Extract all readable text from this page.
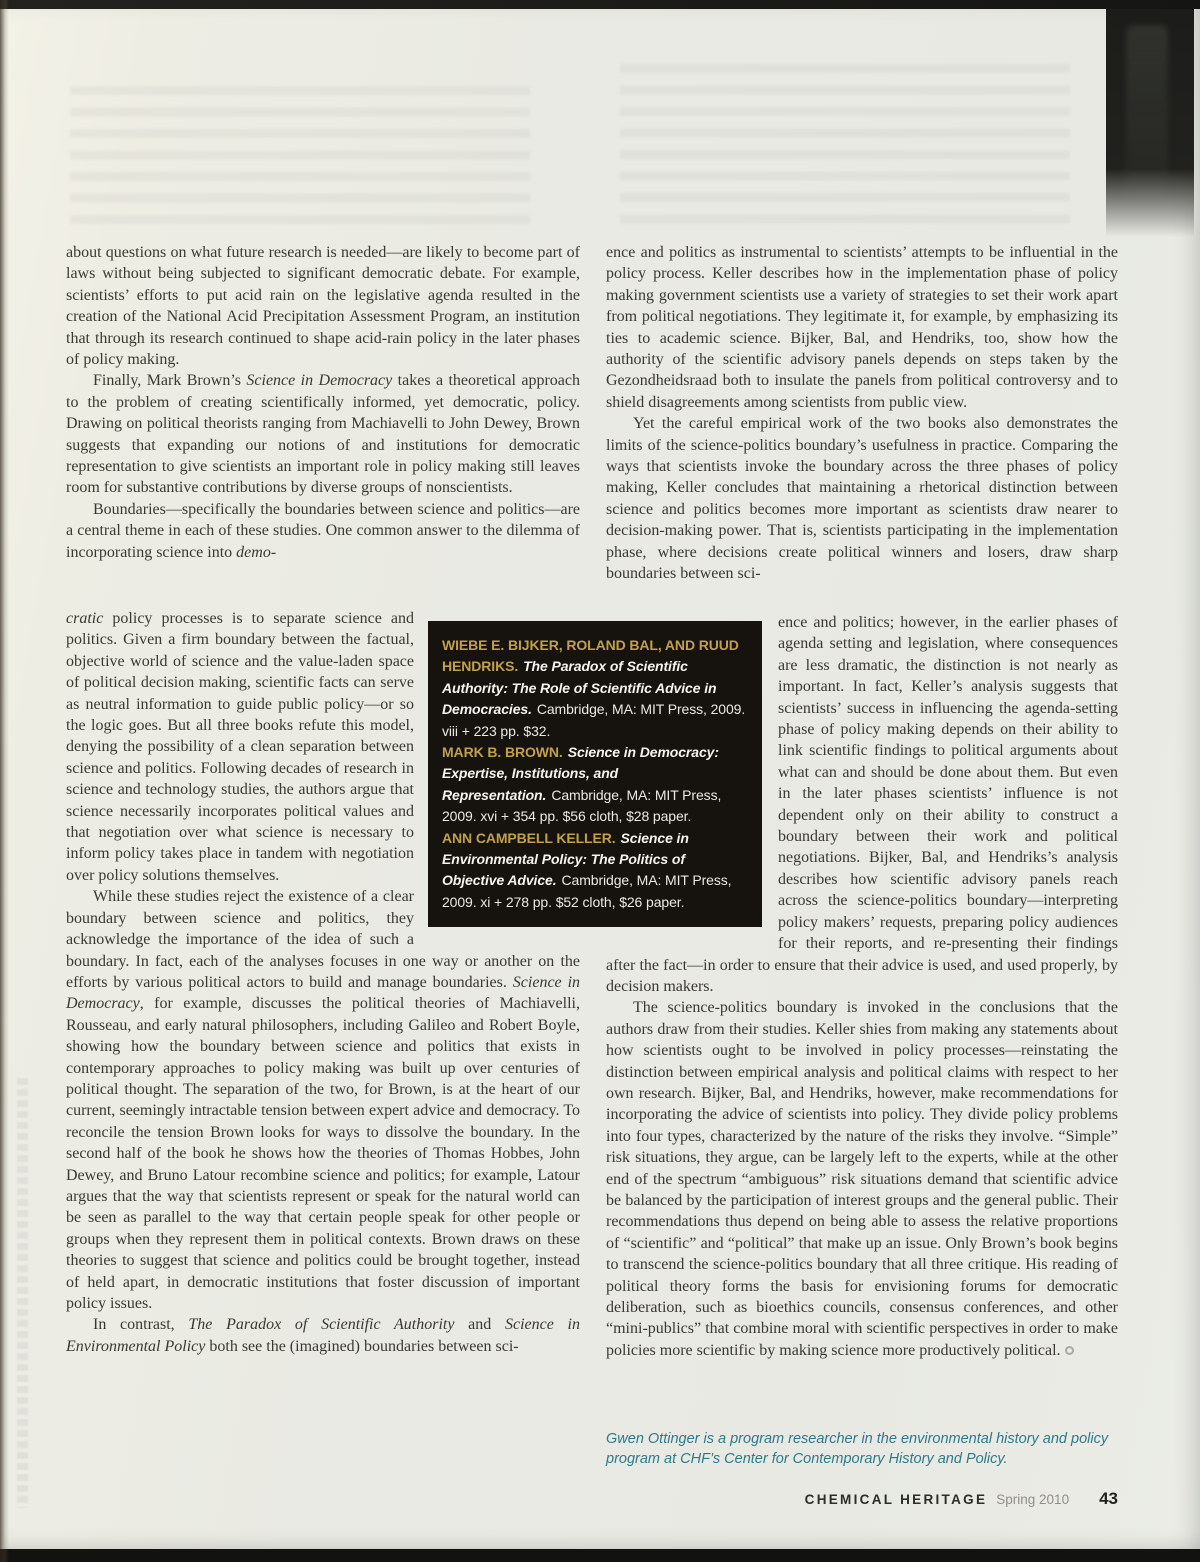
about questions on what future research is needed—are likely to become part of laws without being subjected to significant democratic debate. For example, scientists’ efforts to put acid rain on the legislative agenda resulted in the creation of the National Acid Precipitation Assessment Program, an institution that through its research continued to shape acid-rain policy in the later phases of policy making.

Finally, Mark Brown’s Science in Democracy takes a theoretical approach to the problem of creating scientifically informed, yet democratic, policy. Drawing on political theorists ranging from Machiavelli to John Dewey, Brown suggests that expanding our notions of and institutions for democratic representation to give scientists an important role in policy making still leaves room for substantive contributions by diverse groups of nonscientists.

Boundaries—specifically the boundaries between science and politics—are a central theme in each of these studies. One common answer to the dilemma of incorporating science into demo-

cratic policy processes is to separate science and politics. Given a firm boundary between the factual, objective world of science and the value-laden space of political decision making, scientific facts can serve as neutral information to guide public policy—or so the logic goes. But all three books refute this model, denying the possibility of a clean separation between science and politics. Following decades of research in science and technology studies, the authors argue that science necessarily incorporates political values and that negotiation over what science is necessary to inform policy takes place in tandem with negotiation over policy solutions themselves.

While these studies reject the existence of a clear boundary between science and politics, they acknowledge the importance of the idea of such a boundary. In fact, each of the analyses focuses in one way or another on the efforts by various political actors to build and manage boundaries. Science in Democracy, for example, discusses the political theories of Machiavelli, Rousseau, and early natural philosophers, including Galileo and Robert Boyle, showing how the boundary between science and politics that exists in contemporary approaches to policy making was built up over centuries of political thought. The separation of the two, for Brown, is at the heart of our current, seemingly intractable tension between expert advice and democracy. To reconcile the tension Brown looks for ways to dissolve the boundary. In the second half of the book he shows how the theories of Thomas Hobbes, John Dewey, and Bruno Latour recombine science and politics; for example, Latour argues that the way that scientists represent or speak for the natural world can be seen as parallel to the way that certain people speak for other people or groups when they represent them in political contexts. Brown draws on these theories to suggest that science and politics could be brought together, instead of held apart, in democratic institutions that foster discussion of important policy issues.

In contrast, The Paradox of Scientific Authority and Science in Environmental Policy both see the (imagined) boundaries between sci-

ence and politics as instrumental to scientists’ attempts to be influential in the policy process. Keller describes how in the implementation phase of policy making government scientists use a variety of strategies to set their work apart from political negotiations. They legitimate it, for example, by emphasizing its ties to academic science. Bijker, Bal, and Hendriks, too, show how the authority of the scientific advisory panels depends on steps taken by the Gezondheidsraad both to insulate the panels from political controversy and to shield disagreements among scientists from public view.

Yet the careful empirical work of the two books also demonstrates the limits of the science-politics boundary’s usefulness in practice. Comparing the ways that scientists invoke the boundary across the three phases of policy making, Keller concludes that maintaining a rhetorical distinction between science and politics becomes more important as scientists draw nearer to decision-making power. That is, scientists participating in the implementation phase, where decisions create political winners and losers, draw sharp boundaries between sci-

ence and politics; however, in the earlier phases of agenda setting and legislation, where consequences are less dramatic, the distinction is not nearly as important. In fact, Keller’s analysis suggests that scientists’ success in influencing the agenda-setting phase of policy making depends on their ability to link scientific findings to political arguments about what can and should be done about them. But even in the later phases scientists’ influence is not dependent only on their ability to construct a boundary between their work and political negotiations. Bijker, Bal, and Hendriks’s analysis describes how scientific advisory panels reach across the science-politics boundary—interpreting policy makers’ requests, preparing policy audiences for their reports, and re-presenting their findings after the fact—in order to ensure that their advice is used, and used properly, by decision makers.

The science-politics boundary is invoked in the conclusions that the authors draw from their studies. Keller shies from making any statements about how scientists ought to be involved in policy processes—reinstating the distinction between empirical analysis and political claims with respect to her own research. Bijker, Bal, and Hendriks, however, make recommendations for incorporating the advice of scientists into policy. They divide policy problems into four types, characterized by the nature of the risks they involve. “Simple” risk situations, they argue, can be largely left to the experts, while at the other end of the spectrum “ambiguous” risk situations demand that scientific advice be balanced by the participation of interest groups and the general public. Their recommendations thus depend on being able to assess the relative proportions of “scientific” and “political” that make up an issue. Only Brown’s book begins to transcend the science-politics boundary that all three critique. His reading of political theory forms the basis for envisioning forums for democratic deliberation, such as bioethics councils, consensus conferences, and other “mini-publics” that combine moral with scientific perspectives in order to make policies more scientific by making science more productively political.

WIEBE E. BIJKER, ROLAND BAL, AND RUUD HENDRIKS. The Paradox of Scientific Authority: The Role of Scientific Advice in Democracies. Cambridge, MA: MIT Press, 2009. viii + 223 pp. $32.

MARK B. BROWN. Science in Democracy: Expertise, Institutions, and Representation. Cambridge, MA: MIT Press, 2009. xvi + 354 pp. $56 cloth, $28 paper.

ANN CAMPBELL KELLER. Science in Environmental Policy: The Politics of Objective Advice. Cambridge, MA: MIT Press, 2009. xi + 278 pp. $52 cloth, $26 paper.

Gwen Ottinger is a program researcher in the environmental history and policy program at CHF’s Center for Contemporary History and Policy.

CHEMICAL HERITAGE Spring 2010 43
